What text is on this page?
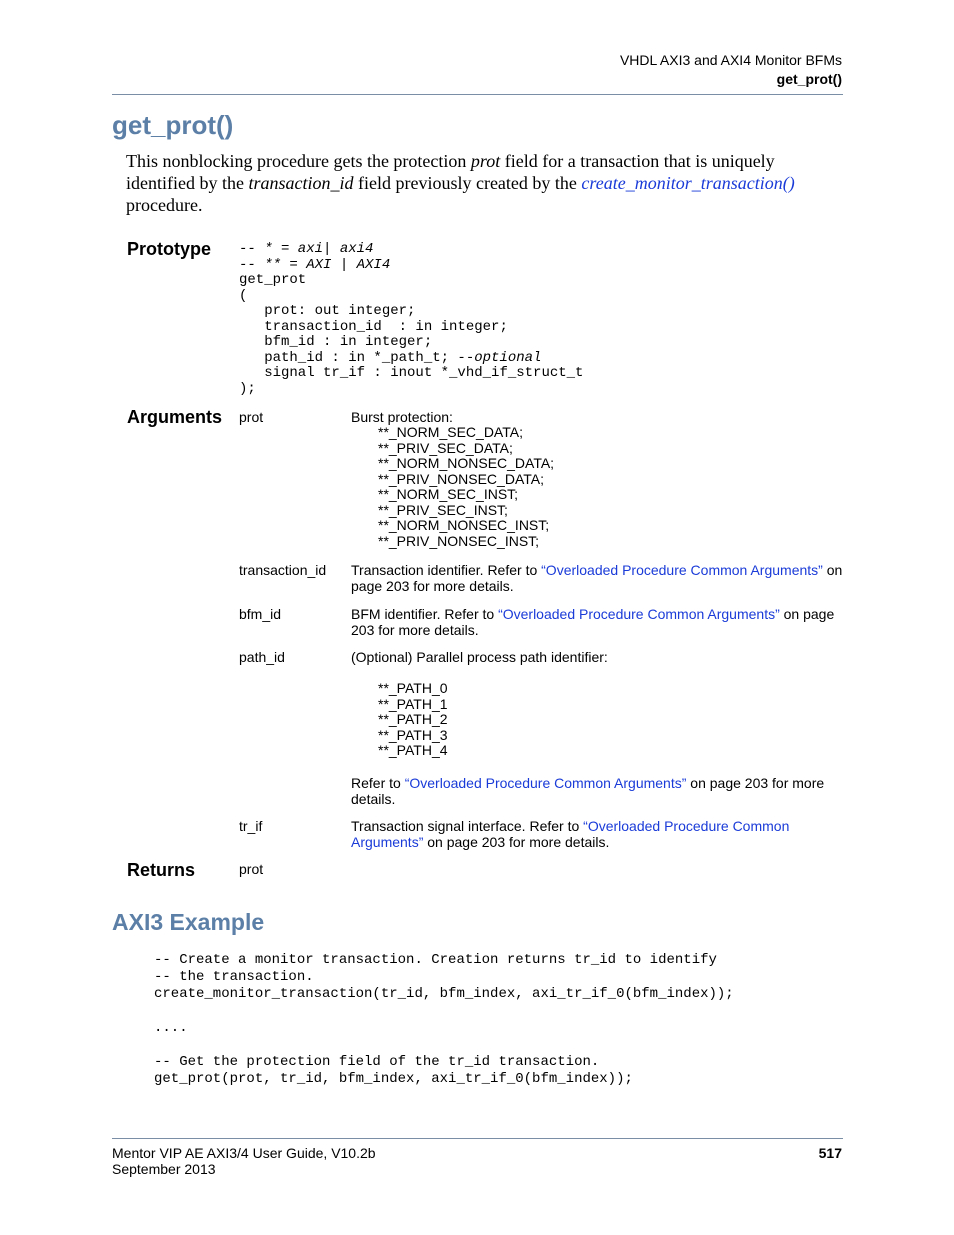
VHDL AXI3 and AXI4 Monitor BFMs
get_prot()
get_prot()
This nonblocking procedure gets the protection prot field for a transaction that is uniquely identified by the transaction_id field previously created by the create_monitor_transaction() procedure.
Prototype -- * = axi| axi4
-- ** = AXI | AXI4
get_prot
(
prot: out integer;
transaction_id  : in integer;
bfm_id : in integer;
path_id : in *_path_t; --optional
signal tr_if : inout *_vhd_if_struct_t
);
Arguments prot	Burst protection:
**_NORM_SEC_DATA;
**_PRIV_SEC_DATA;
**_NORM_NONSEC_DATA;
**_PRIV_NONSEC_DATA;
**_NORM_SEC_INST;
**_PRIV_SEC_INST;
**_NORM_NONSEC_INST;
**_PRIV_NONSEC_INST;
transaction_id Transaction identifier. Refer to “Overloaded Procedure Common Arguments” on page 203 for more details.
bfm_id	BFM identifier. Refer to “Overloaded Procedure Common Arguments” on page 203 for more details.
path_id	(Optional) Parallel process path identifier:
**_PATH_0
**_PATH_1
**_PATH_2
**_PATH_3
**_PATH_4
Refer to “Overloaded Procedure Common Arguments” on page 203 for more details.
tr_if	Transaction signal interface. Refer to “Overloaded Procedure Common Arguments” on page 203 for more details.
Returns	prot
AXI3 Example
-- Create a monitor transaction. Creation returns tr_id to identify
-- the transaction.
create_monitor_transaction(tr_id, bfm_index, axi_tr_if_0(bfm_index));

....

-- Get the protection field of the tr_id transaction.
get_prot(prot, tr_id, bfm_index, axi_tr_if_0(bfm_index));
Mentor VIP AE AXI3/4 User Guide, V10.2b
September 2013
517
